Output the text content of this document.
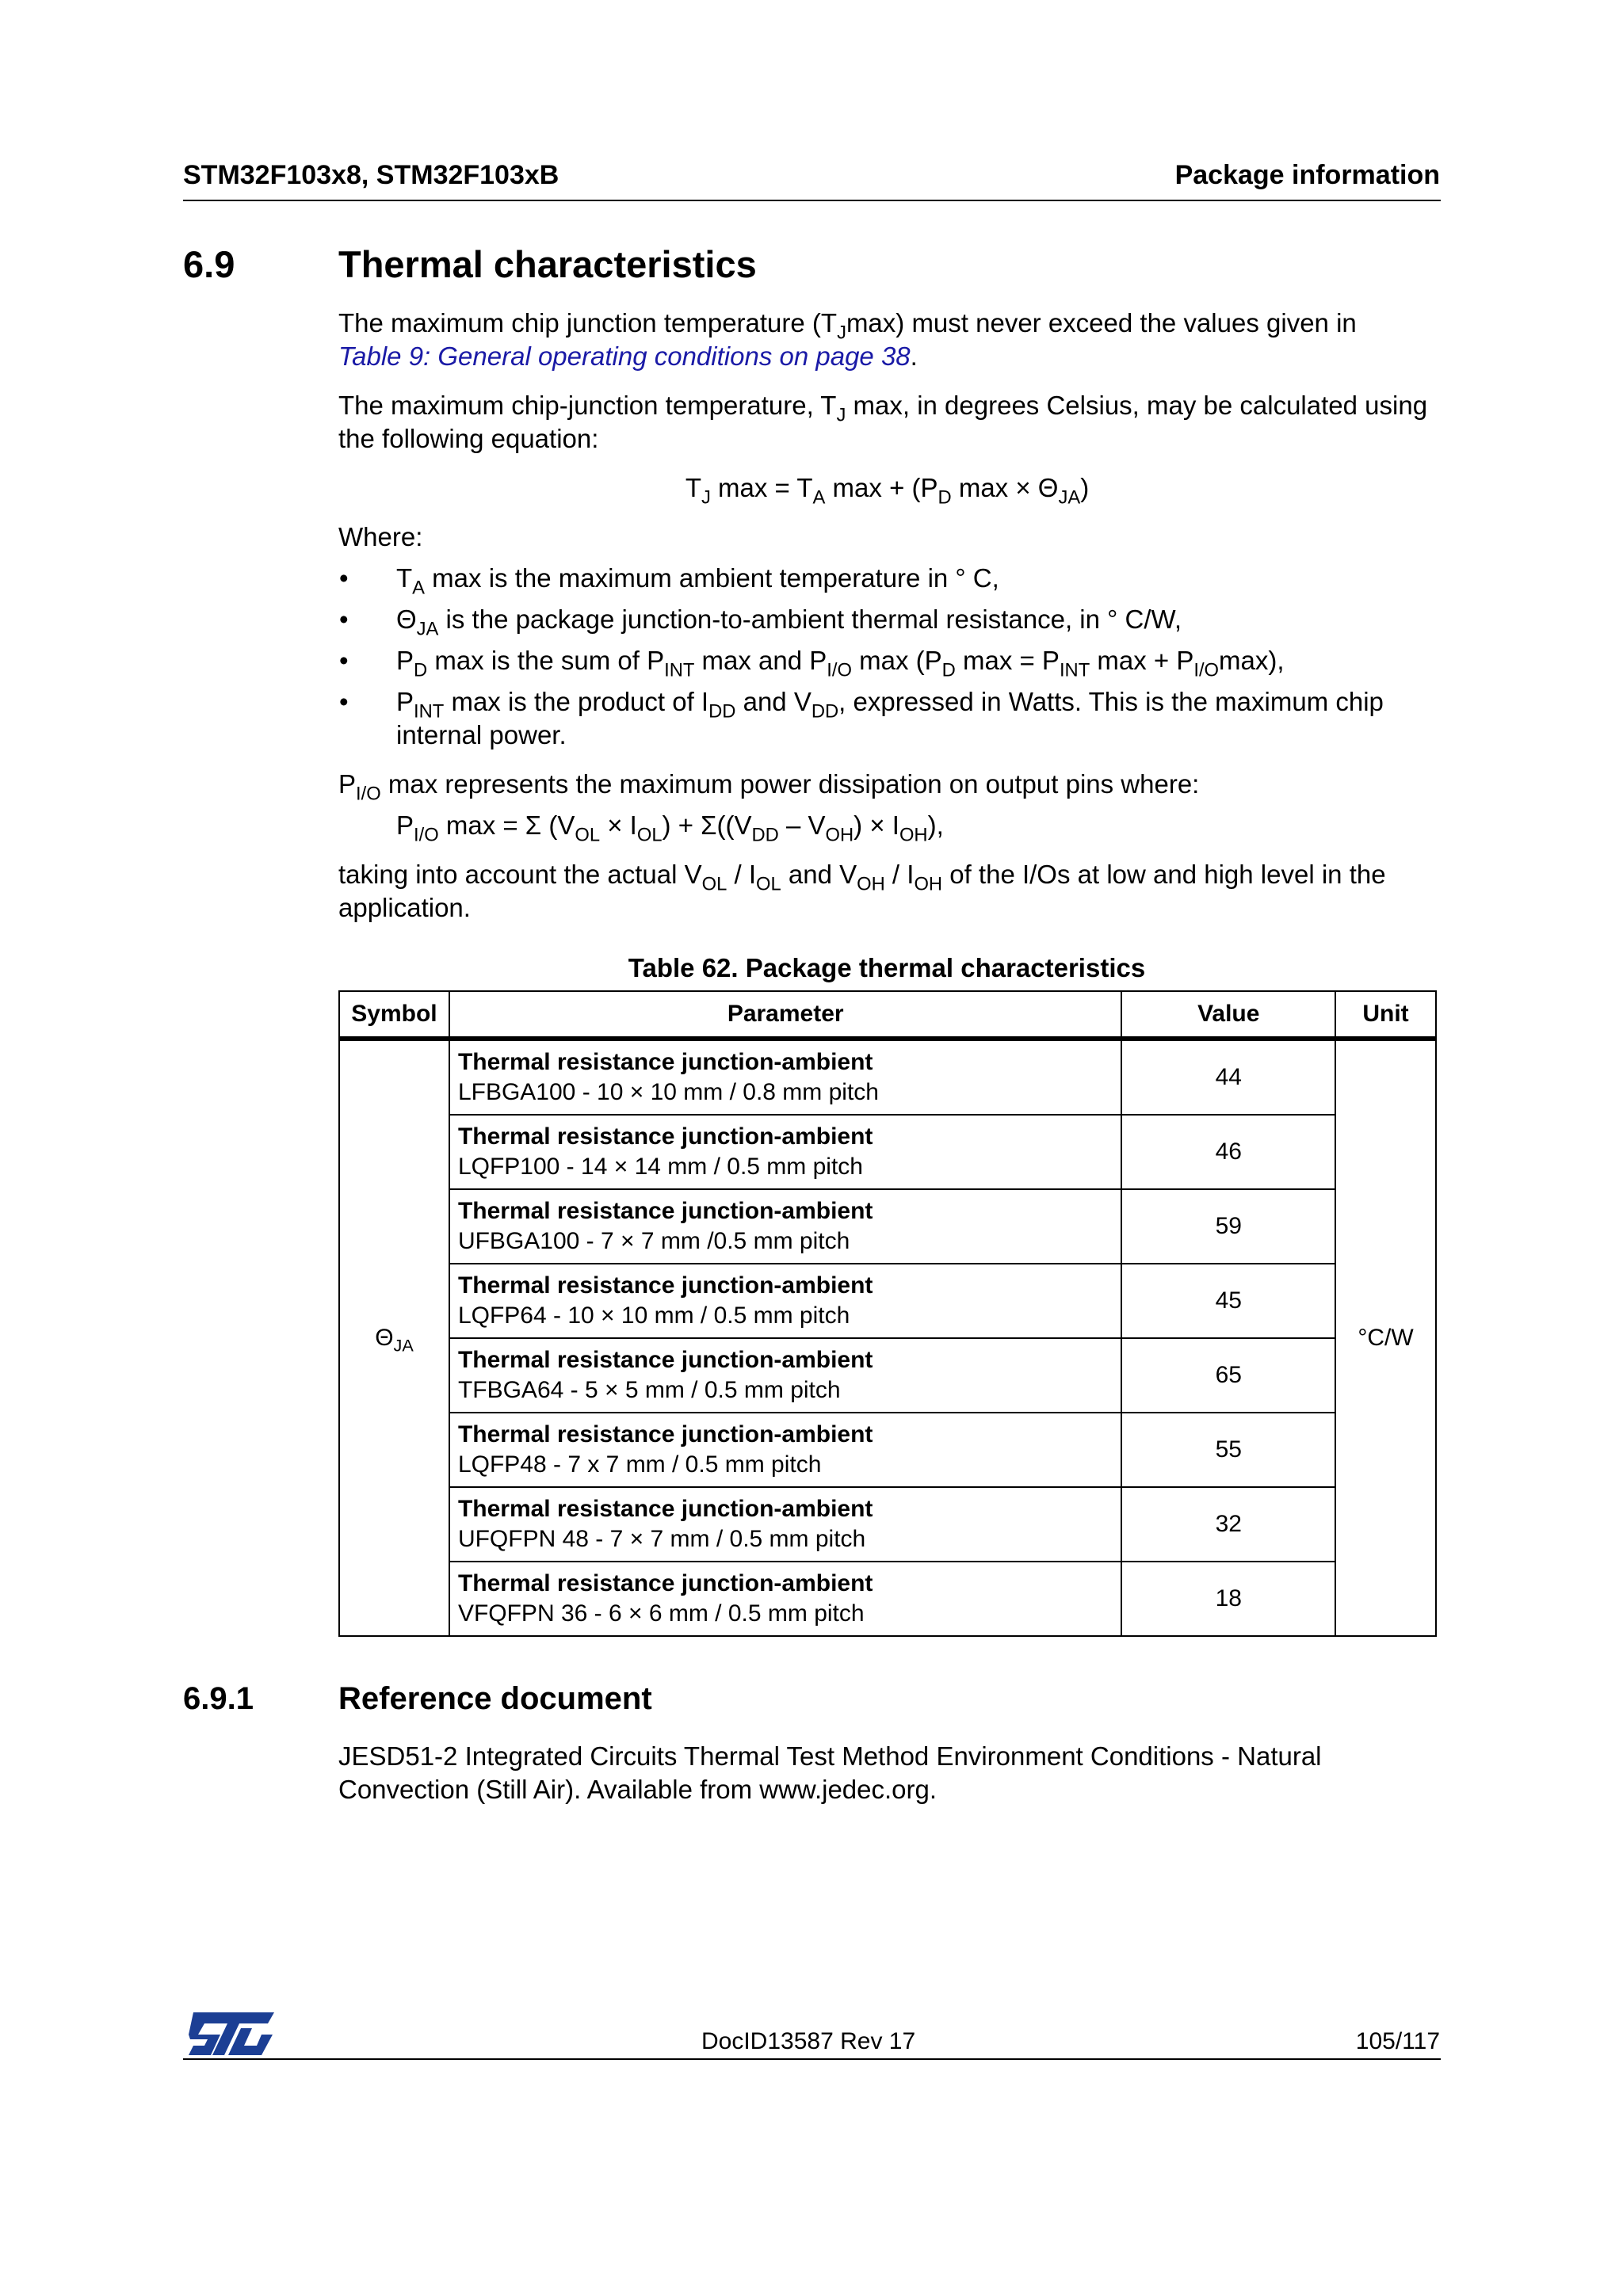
STM32F103x8, STM32F103xB	Package information
6.9	Thermal characteristics

The maximum chip junction temperature $(T_J\max)$ must never exceed the values given in
Table 9: General operating conditions on page 38.

The maximum chip-junction temperature, $T_J$ max, in degrees Celsius, may be calculated using the following equation:

$T_J$ $\max = T_A$ $\max + (P_D$ $\max \times \Theta_{JA}$)

Where:

• $T_A$ max is the maximum ambient temperature in ° C,
• $\Theta_{JA}$ is the package junction-to-ambient thermal resistance, in ° C/W,
• $P_D$ max is the sum of $P_{INT}$ max and $P_{I/O}$ $\max (P_D$ $\max = P_{INT}$ $\max + P_{I/O}\max$),
• $P_{INT}$ max is the product of $I_{DD}$ and $V_{DD}$, expressed in Watts. This is the maximum chip internal power.

$P_{I/O}$ max represents the maximum power dissipation on output pins where:

$P_{I/O}$ max = Σ $(V_{OL} \times I_{OL}) + \Sigma((V_{DD} - V_{OH}) \times I_{OH})$,

taking into account the actual $V_{OL} / I_{OL}$ and $V_{OH} / I_{OH}$ of the I/Os at low and high level in the application.

Table 62. Package thermal characteristics
Symbol	Parameter	Value	Unit
$\Theta_{JA}$	Thermal resistance junction-ambient
LFBGA100 - 10 × 10 mm / 0.8 mm pitch	44	°C/W

	Thermal resistance junction-ambient
LQFP100 - 14 × 14 mm / 0.5 mm pitch	46	

	Thermal resistance junction-ambient
UFBGA100 - 7 × 7 mm /0.5 mm pitch	59	

	Thermal resistance junction-ambient
LQFP64 - 10 × 10 mm / 0.5 mm pitch	45	

	Thermal resistance junction-ambient
TFBGA64 - 5 × 5 mm / 0.5 mm pitch	65	

	Thermal resistance junction-ambient
LQFP48 - 7 x 7 mm / 0.5 mm pitch	55	

	Thermal resistance junction-ambient
UFQFPN 48 - 7 × 7 mm / 0.5 mm pitch	32	

	Thermal resistance junction-ambient
VFQFPN 36 - 6 × 6 mm / 0.5 mm pitch	18	
6.9.1	Reference document
JESD51-2 Integrated Circuits Thermal Test Method Environment Conditions - Natural Convection (Still Air). Available from www.jedec.org.
DocID13587 Rev 17	105/117
